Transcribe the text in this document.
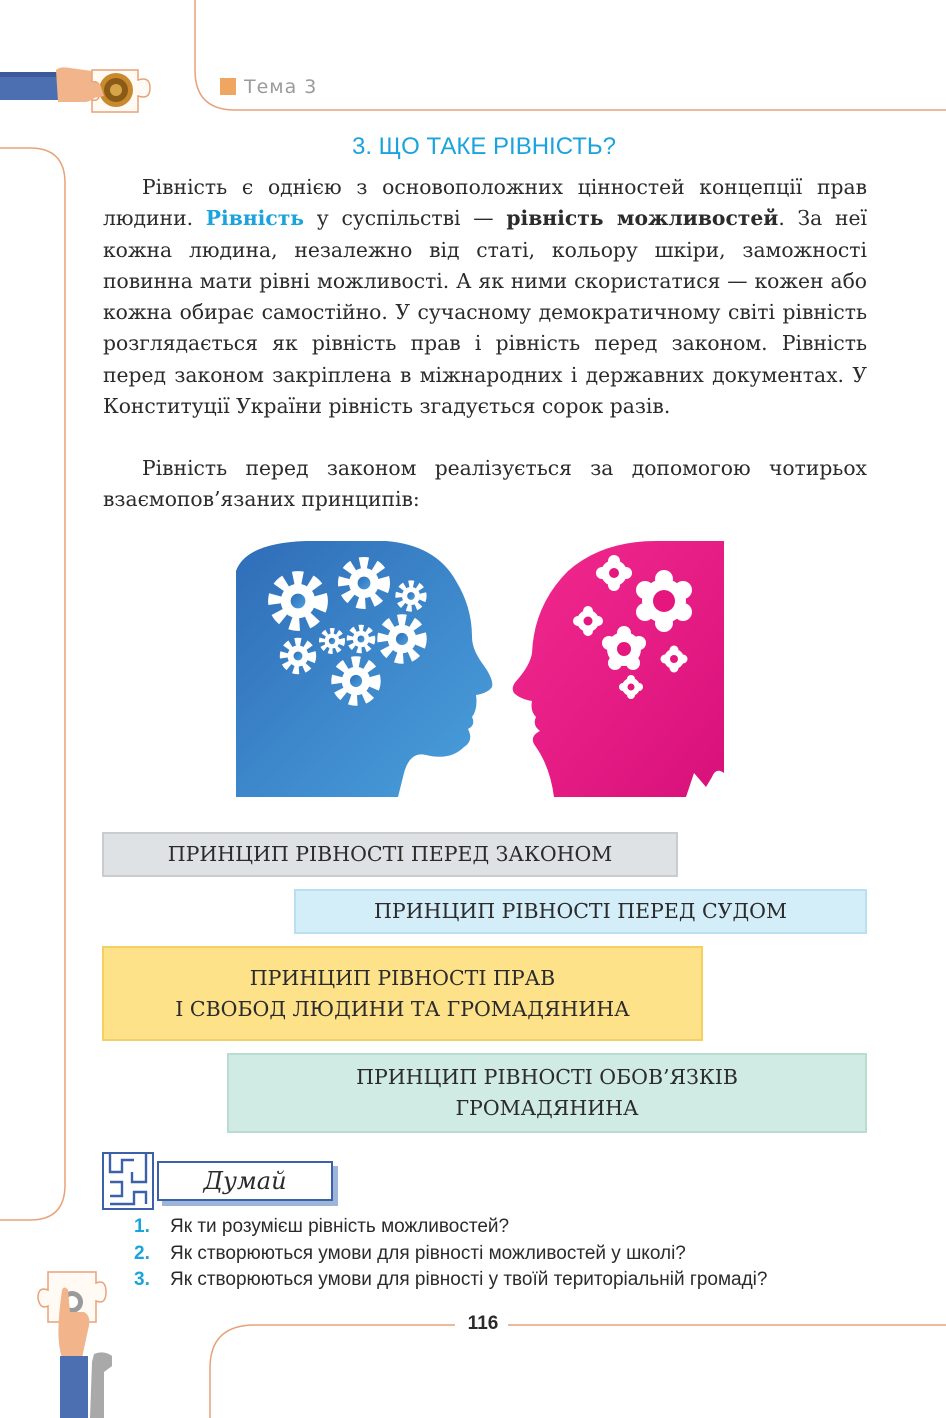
Тема 3
3. ЩО ТАКЕ РІВНІСТЬ?

Рівність є однією з основоположних цінностей концепції прав людини. Рівність у суспільстві — рівність можливостей. За неї кожна людина, незалежно від статі, кольору шкіри, заможності повинна мати рівні можливості. А як ними скористатися — кожен або кожна обирає самостійно. У сучасному демократичному світі рівність розглядається як рівність прав і рівність перед законом. Рівність перед законом закріплена в міжнародних і державних документах. У Конституції України рівність згадується сорок разів.

Рівність перед законом реалізується за допомогою чотирьох взаємопов’язаних принципів:

ПРИНЦИП РІВНОСТІ ПЕРЕД ЗАКОНОМ
ПРИНЦИП РІВНОСТІ ПЕРЕД СУДОМ
ПРИНЦИП РІВНОСТІ ПРАВ
І СВОБОД ЛЮДИНИ ТА ГРОМАДЯНИНА
ПРИНЦИП РІВНОСТІ ОБОВ’ЯЗКІВ
ГРОМАДЯНИНА
Думай
1. Як ти розумієш рівність можливостей?
2. Як створюються умови для рівності можливостей у школі?
3. Як створюються умови для рівності у твоїй територіальній громаді?
116
